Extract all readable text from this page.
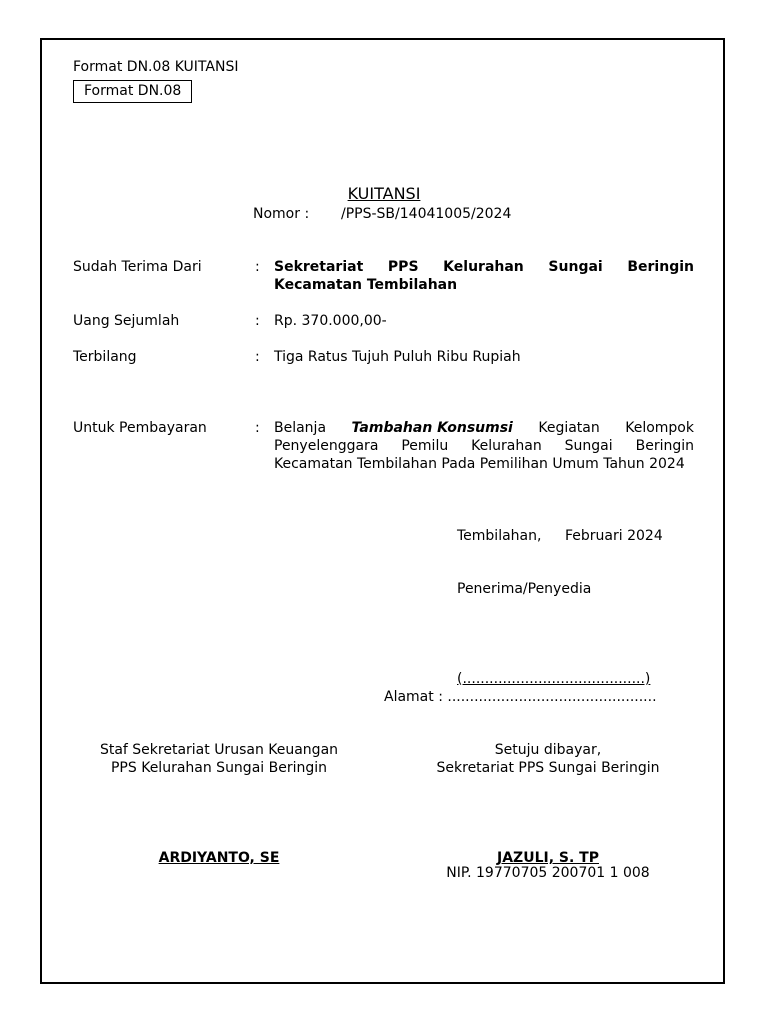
Format DN.08 KUITANSI
Format DN.08
KUITANSI
Nomor : /PPS-SB/14041005/2024
Sudah Terima Dari	: Sekretariat PPS Kelurahan Sungai Beringin
Kecamatan Tembilahan
Uang Sejumlah	: Rp. 370.000,00-
Terbilang	: Tiga Ratus Tujuh Puluh Ribu Rupiah
Untuk Pembayaran	: Belanja Tambahan Konsumsi Kegiatan Kelompok
Penyelenggara Pemilu Kelurahan Sungai Beringin
Kecamatan Tembilahan Pada Pemilihan Umum Tahun 2024
Tembilahan, Februari 2024
Penerima/Penyedia
(.........................................)
Alamat : ...............................................
Staf Sekretariat Urusan Keuangan
PPS Kelurahan Sungai Beringin
ARDIYANTO, SE
Setuju dibayar,
Sekretariat PPS Sungai Beringin
JAZULI, S. TP
NIP. 19770705 200701 1 008
